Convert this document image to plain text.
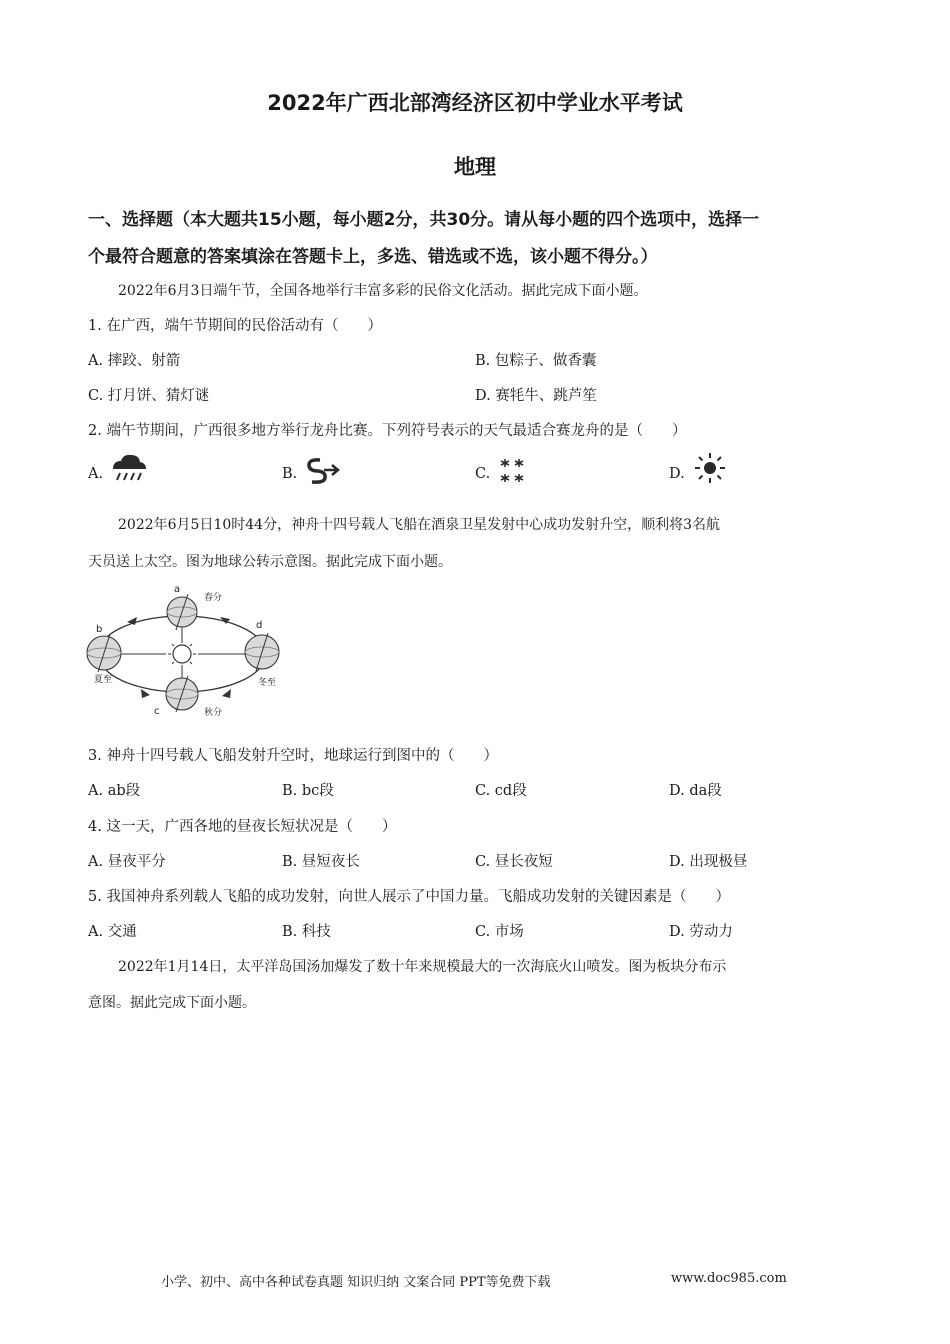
2022年广西北部湾经济区初中学业水平考试
地理
一、选择题（本大题共15小题，每小题2分，共30分。请从每小题的四个选项中，选择一
个最符合题意的答案填涂在答题卡上，多选、错选或不选，该小题不得分。）
2022年6月3日端午节，全国各地举行丰富多彩的民俗文化活动。据此完成下面小题。
1. 在广西，端午节期间的民俗活动有（　　）
A. 摔跤、射箭	B. 包粽子、做香囊
C. 打月饼、猜灯谜	D. 赛牦牛、跳芦笙
2. 端午节期间，广西很多地方举行龙舟比赛。下列符号表示的天气最适合赛龙舟的是（　　）
A.	B.	C.	D.
2022年6月5日10时44分，神舟十四号载人飞船在酒泉卫星发射中心成功发射升空，顺利将3名航
天员送上太空。图为地球公转示意图。据此完成下面小题。
a
b
c
d
春分
夏至
秋分
冬至
3. 神舟十四号载人飞船发射升空时，地球运行到图中的（　　）
A. ab段	B. bc段	C. cd段	D. da段
4. 这一天，广西各地的昼夜长短状况是（　　）
A. 昼夜平分	B. 昼短夜长	C. 昼长夜短	D. 出现极昼
5. 我国神舟系列载人飞船的成功发射，向世人展示了中国力量。飞船成功发射的关键因素是（　　）
A. 交通	B. 科技	C. 市场	D. 劳动力
2022年1月14日，太平洋岛国汤加爆发了数十年来规模最大的一次海底火山喷发。图为板块分布示
意图。据此完成下面小题。
小学、初中、高中各种试卷真题 知识归纳 文案合同 PPT等免费下载	www.doc985.com
